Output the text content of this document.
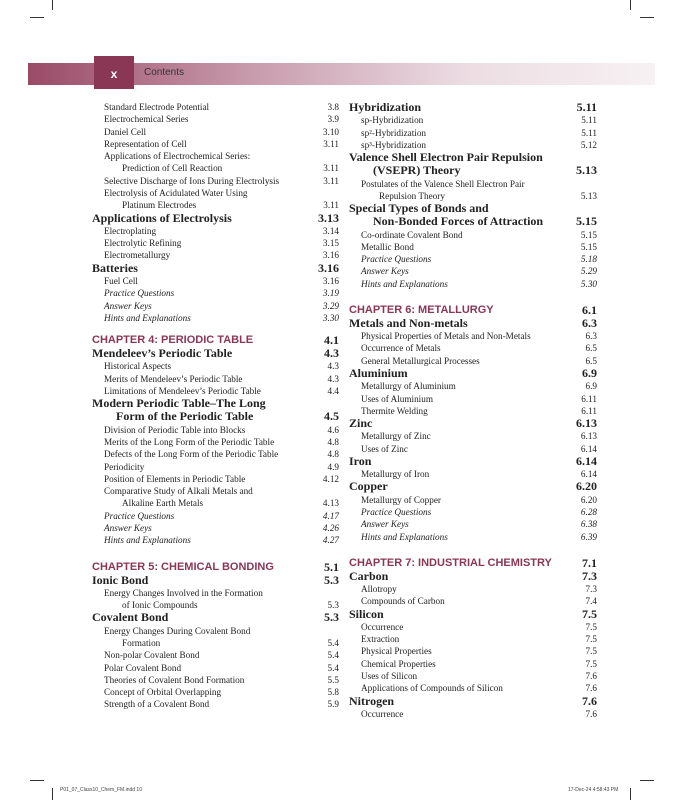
x	Contents
Standard Electrode Potential	3.8
Electrochemical Series	3.9
Daniel Cell	3.10
Representation of Cell	3.11
Applications of Electrochemical Series:
Prediction of Cell Reaction	3.11
Selective Discharge of Ions During Electrolysis	3.11
Electrolysis of Acidulated Water Using
Platinum Electrodes	3.11
Applications of Electrolysis	3.13
Electroplating	3.14
Electrolytic Refining	3.15
Electrometallurgy	3.16
Batteries	3.16
Fuel Cell	3.16
Practice Questions	3.19
Answer Keys	3.29
Hints and Explanations	3.30
CHAPTER 4: PERIODIC TABLE	4.1
Mendeleev’s Periodic Table	4.3
Historical Aspects	4.3
Merits of Mendeleev’s Periodic Table	4.3
Limitations of Mendeleev’s Periodic Table	4.4
Modern Periodic Table–The Long
Form of the Periodic Table	4.5
Division of Periodic Table into Blocks	4.6
Merits of the Long Form of the Periodic Table	4.8
Defects of the Long Form of the Periodic Table	4.8
Periodicity	4.9
Position of Elements in Periodic Table	4.12
Comparative Study of Alkali Metals and
Alkaline Earth Metals	4.13
Practice Questions	4.17
Answer Keys	4.26
Hints and Explanations	4.27
CHAPTER 5: CHEMICAL BONDING	5.1
Ionic Bond	5.3
Energy Changes Involved in the Formation
of Ionic Compounds	5.3
Covalent Bond	5.3
Energy Changes During Covalent Bond
Formation	5.4
Non-polar Covalent Bond	5.4
Polar Covalent Bond	5.4
Theories of Covalent Bond Formation	5.5
Concept of Orbital Overlapping	5.8
Strength of a Covalent Bond	5.9
Hybridization	5.11
sp-Hybridization	5.11
sp²-Hybridization	5.11
sp³-Hybridization	5.12
Valence Shell Electron Pair Repulsion
(VSEPR) Theory	5.13
Postulates of the Valence Shell Electron Pair
Repulsion Theory	5.13
Special Types of Bonds and
Non-Bonded Forces of Attraction	5.15
Co-ordinate Covalent Bond	5.15
Metallic Bond	5.15
Practice Questions	5.18
Answer Keys	5.29
Hints and Explanations	5.30
CHAPTER 6: METALLURGY	6.1
Metals and Non-metals	6.3
Physical Properties of Metals and Non-Metals	6.3
Occurrence of Metals	6.5
General Metallurgical Processes	6.5
Aluminium	6.9
Metallurgy of Aluminium	6.9
Uses of Aluminium	6.11
Thermite Welding	6.11
Zinc	6.13
Metallurgy of Zinc	6.13
Uses of Zinc	6.14
Iron	6.14
Metallurgy of Iron	6.14
Copper	6.20
Metallurgy of Copper	6.20
Practice Questions	6.28
Answer Keys	6.38
Hints and Explanations	6.39
CHAPTER 7: INDUSTRIAL CHEMISTRY	7.1
Carbon	7.3
Allotropy	7.3
Compounds of Carbon	7.4
Silicon	7.5
Occurrence	7.5
Extraction	7.5
Physical Properties	7.5
Chemical Properties	7.5
Uses of Silicon	7.6
Applications of Compounds of Silicon	7.6
Nitrogen	7.6
Occurrence	7.6
P01_07_Class10_Chem_FM.indd 10	17-Dec-24 4:58:43 PM
